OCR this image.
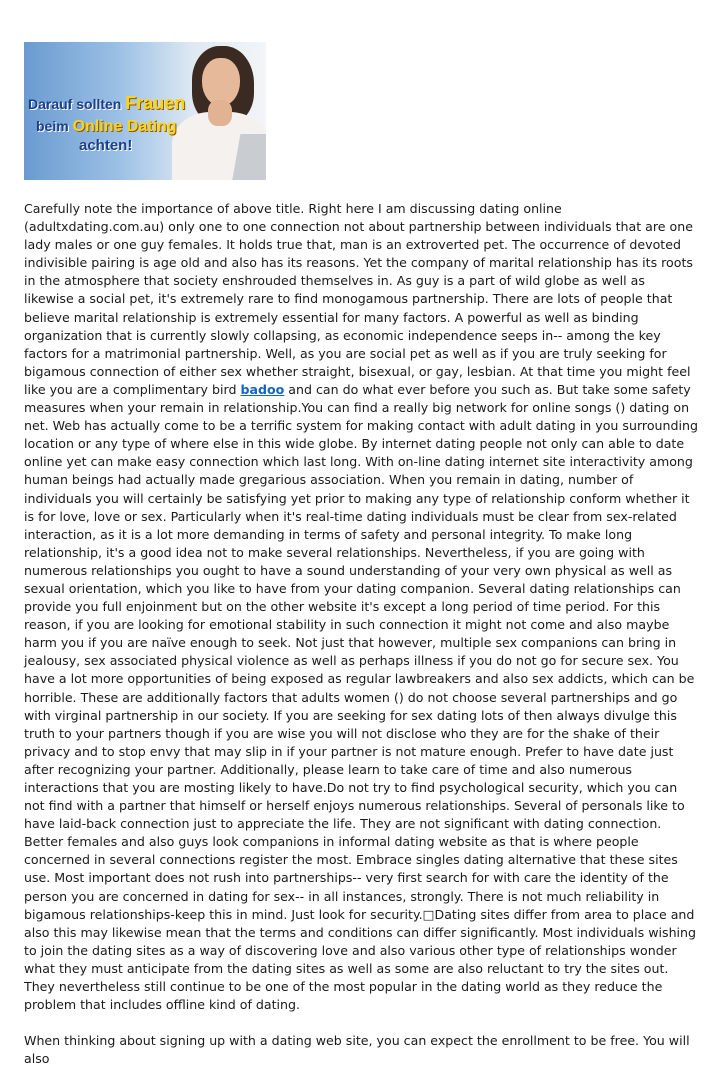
Darauf sollten Frauen
beim Online Dating
achten!

Carefully note the importance of above title. Right here I am discussing dating online (adultxdating.com.au) only one to one connection not about partnership between individuals that are one lady males or one guy females. It holds true that, man is an extroverted pet. The occurrence of devoted indivisible pairing is age old and also has its reasons. Yet the company of marital relationship has its roots in the atmosphere that society enshrouded themselves in. As guy is a part of wild globe as well as likewise a social pet, it's extremely rare to find monogamous partnership. There are lots of people that believe marital relationship is extremely essential for many factors. A powerful as well as binding organization that is currently slowly collapsing, as economic independence seeps in-- among the key factors for a matrimonial partnership. Well, as you are social pet as well as if you are truly seeking for bigamous connection of either sex whether straight, bisexual, or gay, lesbian. At that time you might feel like you are a complimentary bird badoo and can do what ever before you such as. But take some safety measures when your remain in relationship.You can find a really big network for online songs () dating on net. Web has actually come to be a terrific system for making contact with adult dating in you surrounding location or any type of where else in this wide globe. By internet dating people not only can able to date online yet can make easy connection which last long. With on-line dating internet site interactivity among human beings had actually made gregarious association. When you remain in dating, number of individuals you will certainly be satisfying yet prior to making any type of relationship conform whether it is for love, love or sex. Particularly when it's real-time dating individuals must be clear from sex-related interaction, as it is a lot more demanding in terms of safety and personal integrity. To make long relationship, it's a good idea not to make several relationships. Nevertheless, if you are going with numerous relationships you ought to have a sound understanding of your very own physical as well as sexual orientation, which you like to have from your dating companion. Several dating relationships can provide you full enjoinment but on the other website it's except a long period of time period. For this reason, if you are looking for emotional stability in such connection it might not come and also maybe harm you if you are naïve enough to seek. Not just that however, multiple sex companions can bring in jealousy, sex associated physical violence as well as perhaps illness if you do not go for secure sex. You have a lot more opportunities of being exposed as regular lawbreakers and also sex addicts, which can be horrible. These are additionally factors that adults women () do not choose several partnerships and go with virginal partnership in our society. If you are seeking for sex dating lots of then always divulge this truth to your partners though if you are wise you will not disclose who they are for the shake of their privacy and to stop envy that may slip in if your partner is not mature enough. Prefer to have date just after recognizing your partner. Additionally, please learn to take care of time and also numerous interactions that you are mosting likely to have.Do not try to find psychological security, which you can not find with a partner that himself or herself enjoys numerous relationships. Several of personals like to have laid-back connection just to appreciate the life. They are not significant with dating connection. Better females and also guys look companions in informal dating website as that is where people concerned in several connections register the most. Embrace singles dating alternative that these sites use. Most important does not rush into partnerships-- very first search for with care the identity of the person you are concerned in dating for sex-- in all instances, strongly. There is not much reliability in bigamous relationships-keep this in mind. Just look for security.□Dating sites differ from area to place and also this may likewise mean that the terms and conditions can differ significantly. Most individuals wishing to join the dating sites as a way of discovering love and also various other type of relationships wonder what they must anticipate from the dating sites as well as some are also reluctant to try the sites out. They nevertheless still continue to be one of the most popular in the dating world as they reduce the problem that includes offline kind of dating.

When thinking about signing up with a dating web site, you can expect the enrollment to be free. You will also
